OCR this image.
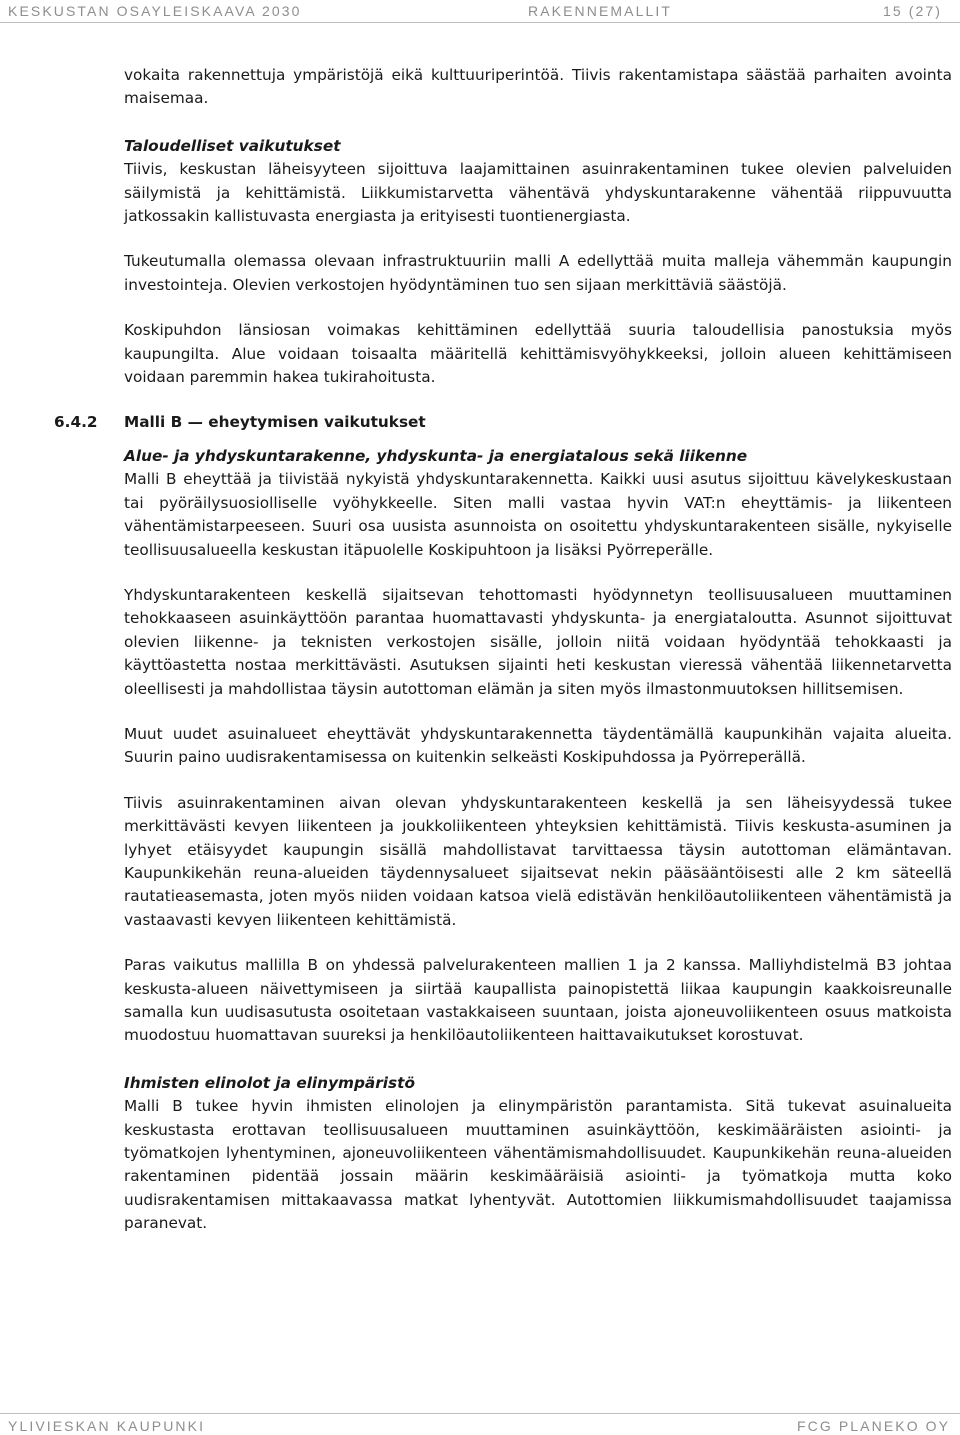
KESKUSTAN OSAYLEISKAAVA 2030	RAKENNEMALLIT	15 (27)

vokaita rakennettuja ympäristöjä eikä kulttuuriperintöä. Tiivis rakentamistapa säästää parhaiten avointa maisemaa.

Taloudelliset vaikutukset

Tiivis, keskustan läheisyyteen sijoittuva laajamittainen asuinrakentaminen tukee olevien palveluiden säilymistä ja kehittämistä. Liikkumistarvetta vähentävä yhdyskuntarakenne vähentää riippuvuutta jatkossakin kallistuvasta energiasta ja erityisesti tuontienergiasta.

Tukeutumalla olemassa olevaan infrastruktuuriin malli A edellyttää muita malleja vähemmän kaupungin investointeja. Olevien verkostojen hyödyntäminen tuo sen sijaan merkittäviä säästöjä.

Koskipuhdon länsiosan voimakas kehittäminen edellyttää suuria taloudellisia panostuksia myös kaupungilta. Alue voidaan toisaalta määritellä kehittämisvyöhykkeeksi, jolloin alueen kehittämiseen voidaan paremmin hakea tukirahoitusta.

6.4.2 Malli B — eheytymisen vaikutukset

Alue- ja yhdyskuntarakenne, yhdyskunta- ja energiatalous sekä liikenne

Malli B eheyttää ja tiivistää nykyistä yhdyskuntarakennetta. Kaikki uusi asutus sijoittuu kävelykeskustaan tai pyöräilysuosiolliselle vyöhykkeelle. Siten malli vastaa hyvin VAT:n eheyttämis- ja liikenteen vähentämistarpeeseen. Suuri osa uusista asunnoista on osoitettu yhdyskuntarakenteen sisälle, nykyiselle teollisuusalueella keskustan itäpuolelle Koskipuhtoon ja lisäksi Pyörreperälle.

Yhdyskuntarakenteen keskellä sijaitsevan tehottomasti hyödynnetyn teollisuusalueen muuttaminen tehokkaaseen asuinkäyttöön parantaa huomattavasti yhdyskunta- ja energiataloutta. Asunnot sijoittuvat olevien liikenne- ja teknisten verkostojen sisälle, jolloin niitä voidaan hyödyntää tehokkaasti ja käyttöastetta nostaa merkittävästi. Asutuksen sijainti heti keskustan vieressä vähentää liikennetarvetta oleellisesti ja mahdollistaa täysin autottoman elämän ja siten myös ilmastonmuutoksen hillitsemisen.

Muut uudet asuinalueet eheyttävät yhdyskuntarakennetta täydentämällä kaupunkihän vajaita alueita. Suurin paino uudisrakentamisessa on kuitenkin selkeästi Koskipuhdossa ja Pyörreperällä.

Tiivis asuinrakentaminen aivan olevan yhdyskuntarakenteen keskellä ja sen läheisyydessä tukee merkittävästi kevyen liikenteen ja joukkoliikenteen yhteyksien kehittämistä. Tiivis keskusta-asuminen ja lyhyet etäisyydet kaupungin sisällä mahdollistavat tarvittaessa täysin autottoman elämäntavan. Kaupunkikehän reuna-alueiden täydennysalueet sijaitsevat nekin pääsääntöisesti alle 2 km säteellä rautatieasemasta, joten myös niiden voidaan katsoa vielä edistävän henkilöautoliikenteen vähentämistä ja vastaavasti kevyen liikenteen kehittämistä.

Paras vaikutus mallilla B on yhdessä palvelurakenteen mallien 1 ja 2 kanssa. Malliyhdistelmä B3 johtaa keskusta-alueen näivettymiseen ja siirtää kaupallista painopistettä liikaa kaupungin kaakkoisreunalle samalla kun uudisasutusta osoitetaan vastakkaiseen suuntaan, joista ajoneuvoliikenteen osuus matkoista muodostuu huomattavan suureksi ja henkilöautoliikenteen haittavaikutukset korostuvat.

Ihmisten elinolot ja elinympäristö

Malli B tukee hyvin ihmisten elinolojen ja elinympäristön parantamista. Sitä tukevat asuinalueita keskustasta erottavan teollisuusalueen muuttaminen asuinkäyttöön, keskimääräisten asiointi- ja työmatkojen lyhentyminen, ajoneuvoliikenteen vähentämismahdollisuudet. Kaupunkikehän reuna-alueiden rakentaminen pidentää jossain määrin keskimääräisiä asiointi- ja työmatkoja mutta koko uudisrakentamisen mittakaavassa matkat lyhentyvät. Autottomien liikkumismahdollisuudet taajamissa paranevat.

YLIVIESKAN KAUPUNKI	FCG PLANEKO OY
